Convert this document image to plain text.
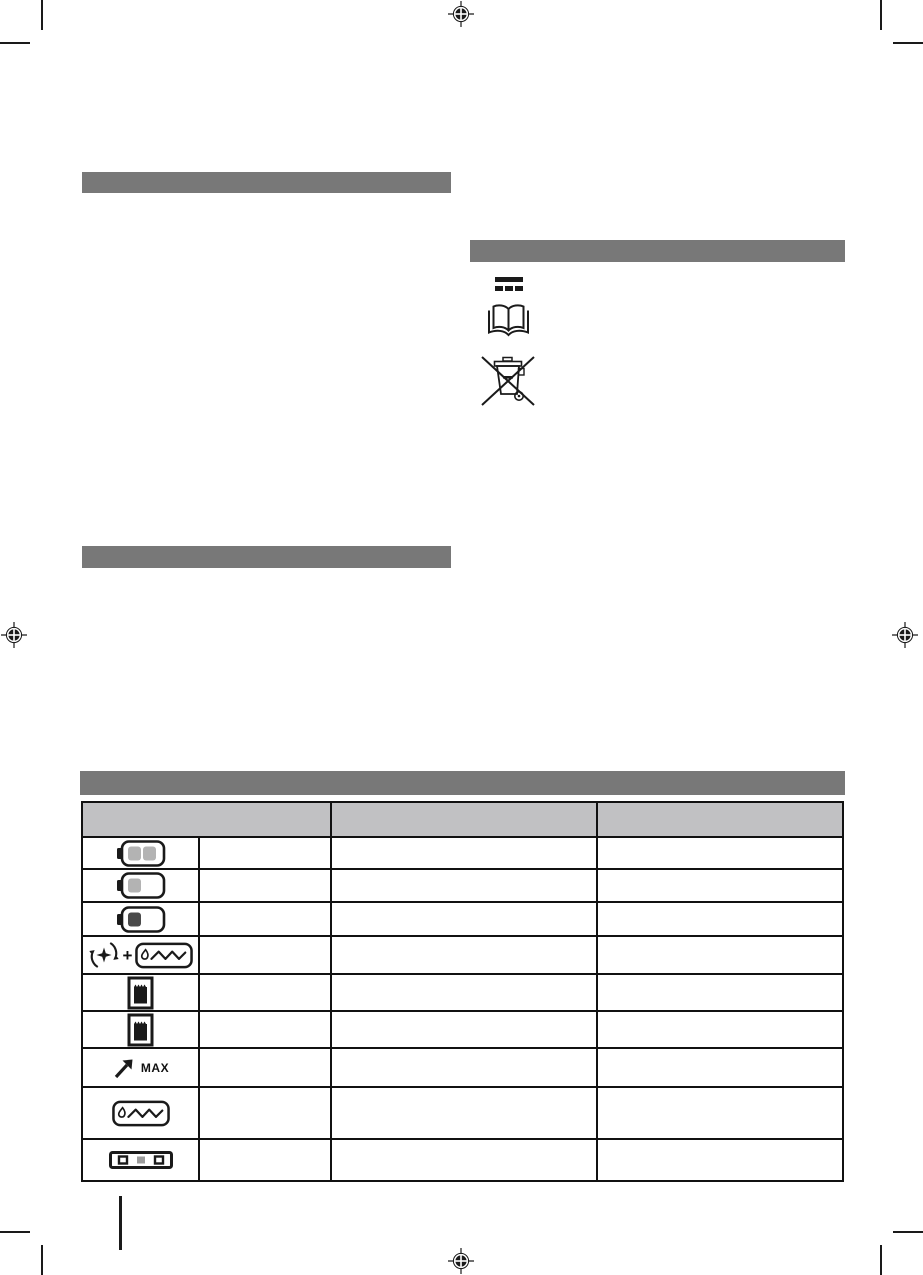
+
MAX
